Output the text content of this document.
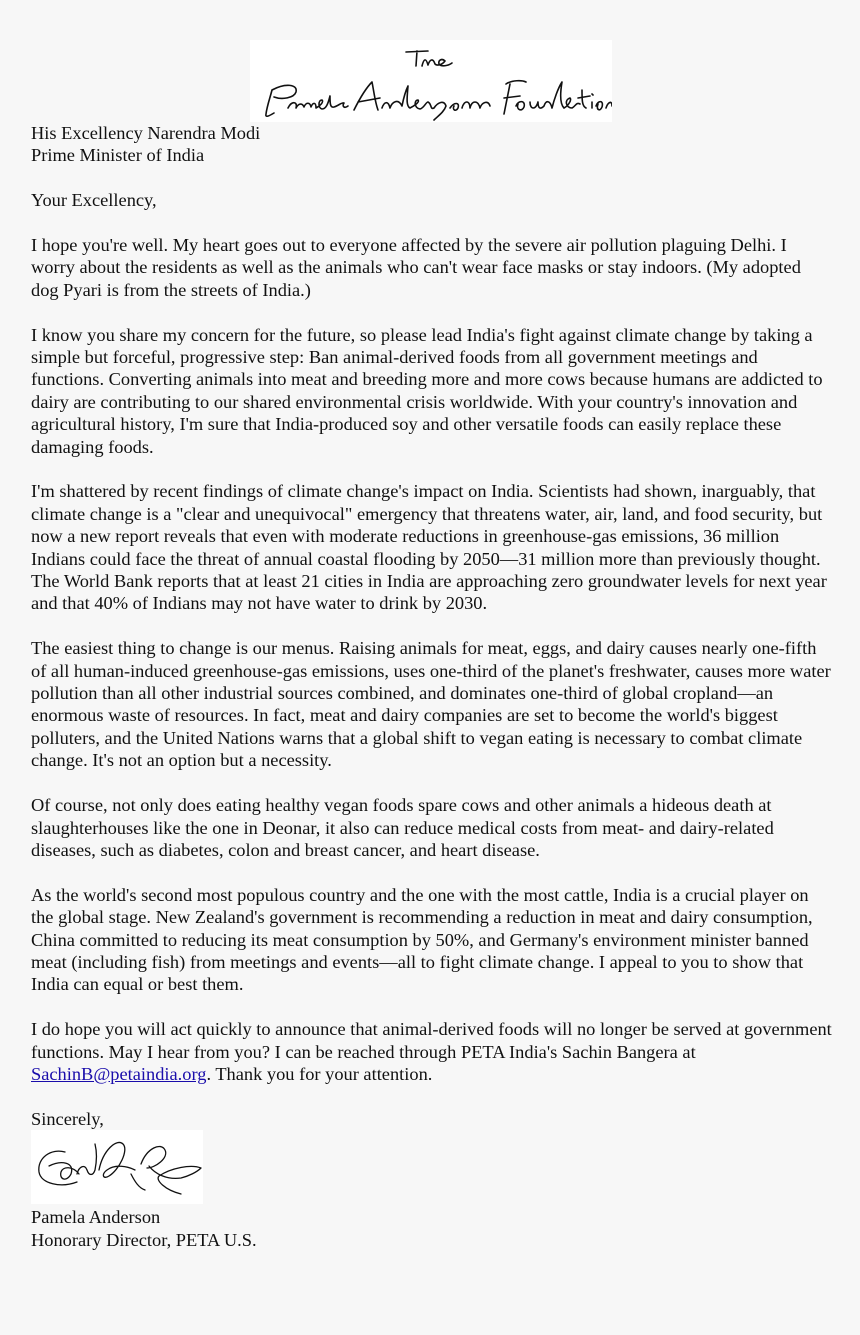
His Excellency Narendra Modi
Prime Minister of India

Your Excellency,

I hope you're well. My heart goes out to everyone affected by the severe air pollution plaguing Delhi. I worry about the residents as well as the animals who can't wear face masks or stay indoors. (My adopted dog Pyari is from the streets of India.)

I know you share my concern for the future, so please lead India's fight against climate change by taking a simple but forceful, progressive step: Ban animal-derived foods from all government meetings and functions. Converting animals into meat and breeding more and more cows because humans are addicted to dairy are contributing to our shared environmental crisis worldwide. With your country's innovation and agricultural history, I'm sure that India-produced soy and other versatile foods can easily replace these damaging foods.

I'm shattered by recent findings of climate change's impact on India. Scientists had shown, inarguably, that climate change is a "clear and unequivocal" emergency that threatens water, air, land, and food security, but now a new report reveals that even with moderate reductions in greenhouse-gas emissions, 36 million Indians could face the threat of annual coastal flooding by 2050—31 million more than previously thought. The World Bank reports that at least 21 cities in India are approaching zero groundwater levels for next year and that 40% of Indians may not have water to drink by 2030.

The easiest thing to change is our menus. Raising animals for meat, eggs, and dairy causes nearly one-fifth of all human-induced greenhouse-gas emissions, uses one-third of the planet's freshwater, causes more water pollution than all other industrial sources combined, and dominates one-third of global cropland—an enormous waste of resources. In fact, meat and dairy companies are set to become the world's biggest polluters, and the United Nations warns that a global shift to vegan eating is necessary to combat climate change. It's not an option but a necessity.

Of course, not only does eating healthy vegan foods spare cows and other animals a hideous death at slaughterhouses like the one in Deonar, it also can reduce medical costs from meat- and dairy-related diseases, such as diabetes, colon and breast cancer, and heart disease.

As the world's second most populous country and the one with the most cattle, India is a crucial player on the global stage. New Zealand's government is recommending a reduction in meat and dairy consumption, China committed to reducing its meat consumption by 50%, and Germany's environment minister banned meat (including fish) from meetings and events—all to fight climate change. I appeal to you to show that India can equal or best them.

I do hope you will act quickly to announce that animal-derived foods will no longer be served at government functions. May I hear from you? I can be reached through PETA India's Sachin Bangera at SachinB@petaindia.org. Thank you for your attention.

Sincerely,
Pamela Anderson
Honorary Director, PETA U.S.
